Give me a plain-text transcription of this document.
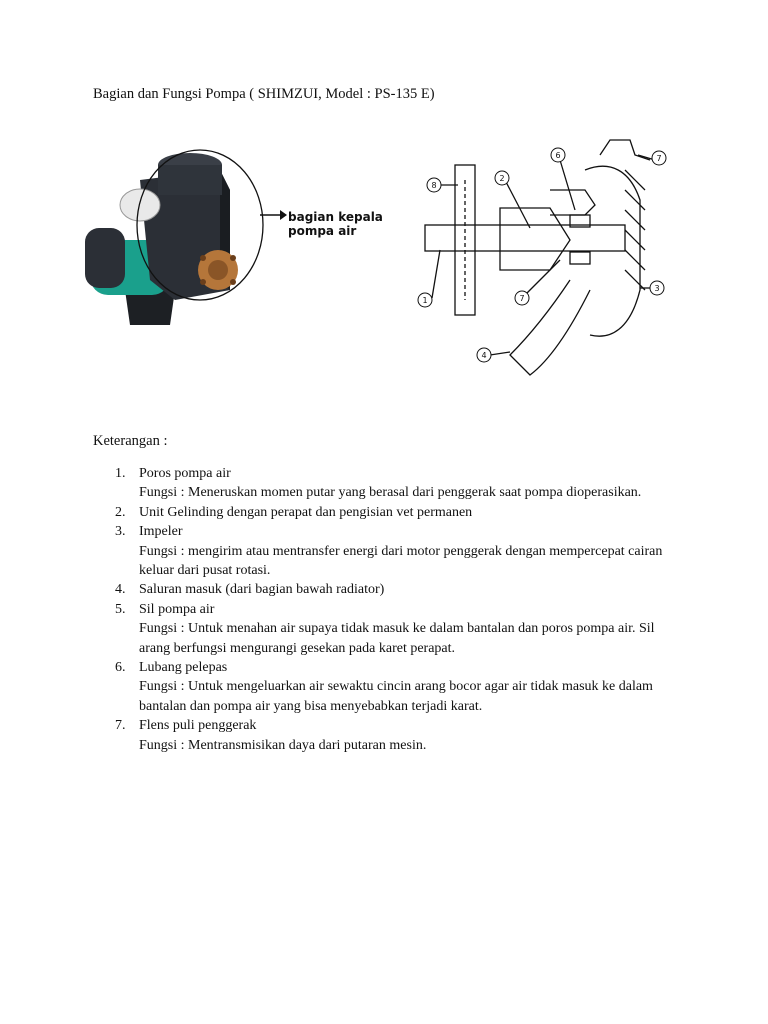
Bagian dan Fungsi Pompa ( SHIMZUI, Model : PS-135 E)
bagian kepala
pompa air
1
2
3
4
6
7
8
7
Keterangan :
1. Poros pompa air
Fungsi : Meneruskan momen putar yang berasal dari penggerak saat pompa dioperasikan.
2. Unit Gelinding dengan perapat dan pengisian vet permanen
3. Impeler
Fungsi : mengirim atau mentransfer energi dari motor penggerak dengan mempercepat cairan keluar dari pusat rotasi.
4. Saluran masuk (dari bagian bawah radiator)
5. Sil pompa air
Fungsi : Untuk menahan air supaya tidak masuk ke dalam bantalan dan poros pompa air. Sil arang berfungsi mengurangi gesekan pada karet perapat.
6. Lubang pelepas
Fungsi : Untuk mengeluarkan air sewaktu cincin arang bocor agar air tidak masuk ke dalam bantalan dan pompa air yang bisa menyebabkan terjadi karat.
7. Flens puli penggerak
Fungsi : Mentransmisikan daya dari putaran mesin.
